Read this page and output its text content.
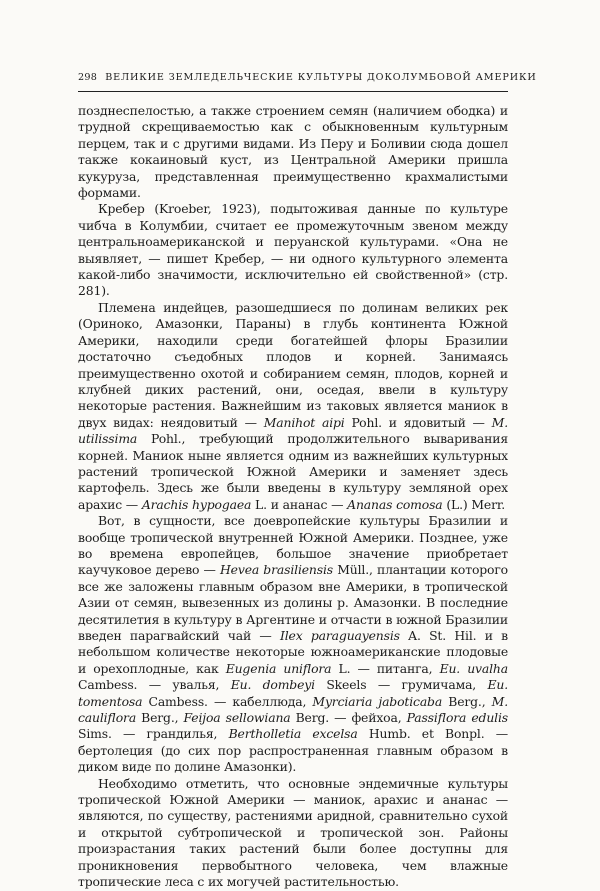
298 ВЕЛИКИЕ ЗЕМЛЕДЕЛЬЧЕСКИЕ КУЛЬТУРЫ ДОКОЛУМБОВОЙ АМЕРИКИ

позднеспелостью, а также строением семян (наличием ободка) и трудной скрещиваемостью как с обыкновенным культурным перцем, так и с другими видами. Из Перу и Боливии сюда дошел также кокаиновый куст, из Центральной Америки пришла кукуруза, представленная преимущественно крахмалистыми формами.

Кребер (Kroeber, 1923), подытоживая данные по культуре чибча в Колумбии, считает ее промежуточным звеном между центральноамериканской и перуанской культурами. «Она не выявляет, — пишет Кребер, — ни одного культурного элемента какой-либо значимости, исключительно ей свойственной» (стр. 281).

Племена индейцев, разошедшиеся по долинам великих рек (Ориноко, Амазонки, Параны) в глубь континента Южной Америки, находили среди богатейшей флоры Бразилии достаточно съедобных плодов и корней. Занимаясь преимущественно охотой и собиранием семян, плодов, корней и клубней диких растений, они, оседая, ввели в культуру некоторые растения. Важнейшим из таковых является маниок в двух видах: неядовитый — Manihot aipi Pohl. и ядовитый — M. utilissima Pohl., требующий продолжительного вываривания корней. Маниок ныне является одним из важнейших культурных растений тропической Южной Америки и заменяет здесь картофель. Здесь же были введены в культуру земляной орех арахис — Arachis hypogaea L. и ананас — Ananas comosa (L.) Merr.

Вот, в сущности, все доевропейские культуры Бразилии и вообще тропической внутренней Южной Америки. Позднее, уже во времена европейцев, большое значение приобретает каучуковое дерево — Hevea brasiliensis Müll., плантации которого все же заложены главным образом вне Америки, в тропической Азии от семян, вывезенных из долины р. Амазонки. В последние десятилетия в культуру в Аргентине и отчасти в южной Бразилии введен парагвайский чай — Ilex paraguayensis A. St. Hil. и в небольшом количестве некоторые южноамериканские плодовые и орехоплодные, как Eugenia uniflora L. — питанга, Eu. uvalha Cambess. — увалья, Eu. dombeyi Skeels — грумичама, Eu. tomentosa Cambess. — кабеллюда, Myrciaria jaboticaba Berg., M. cauliflora Berg., Feijoa sellowiana Berg. — фейхоа, Passiflora edulis Sims. — грандилья, Bertholletia excelsa Humb. et Bonpl. — бертолеция (до сих пор распространенная главным образом в диком виде по долине Амазонки).

Необходимо отметить, что основные эндемичные культуры тропической Южной Америки — маниок, арахис и ананас — являются, по существу, растениями аридной, сравнительно сухой и открытой субтропической и тропической зон. Районы произрастания таких растений были более доступны для проникновения первобытного человека, чем влажные тропические леса с их могучей растительностью.
